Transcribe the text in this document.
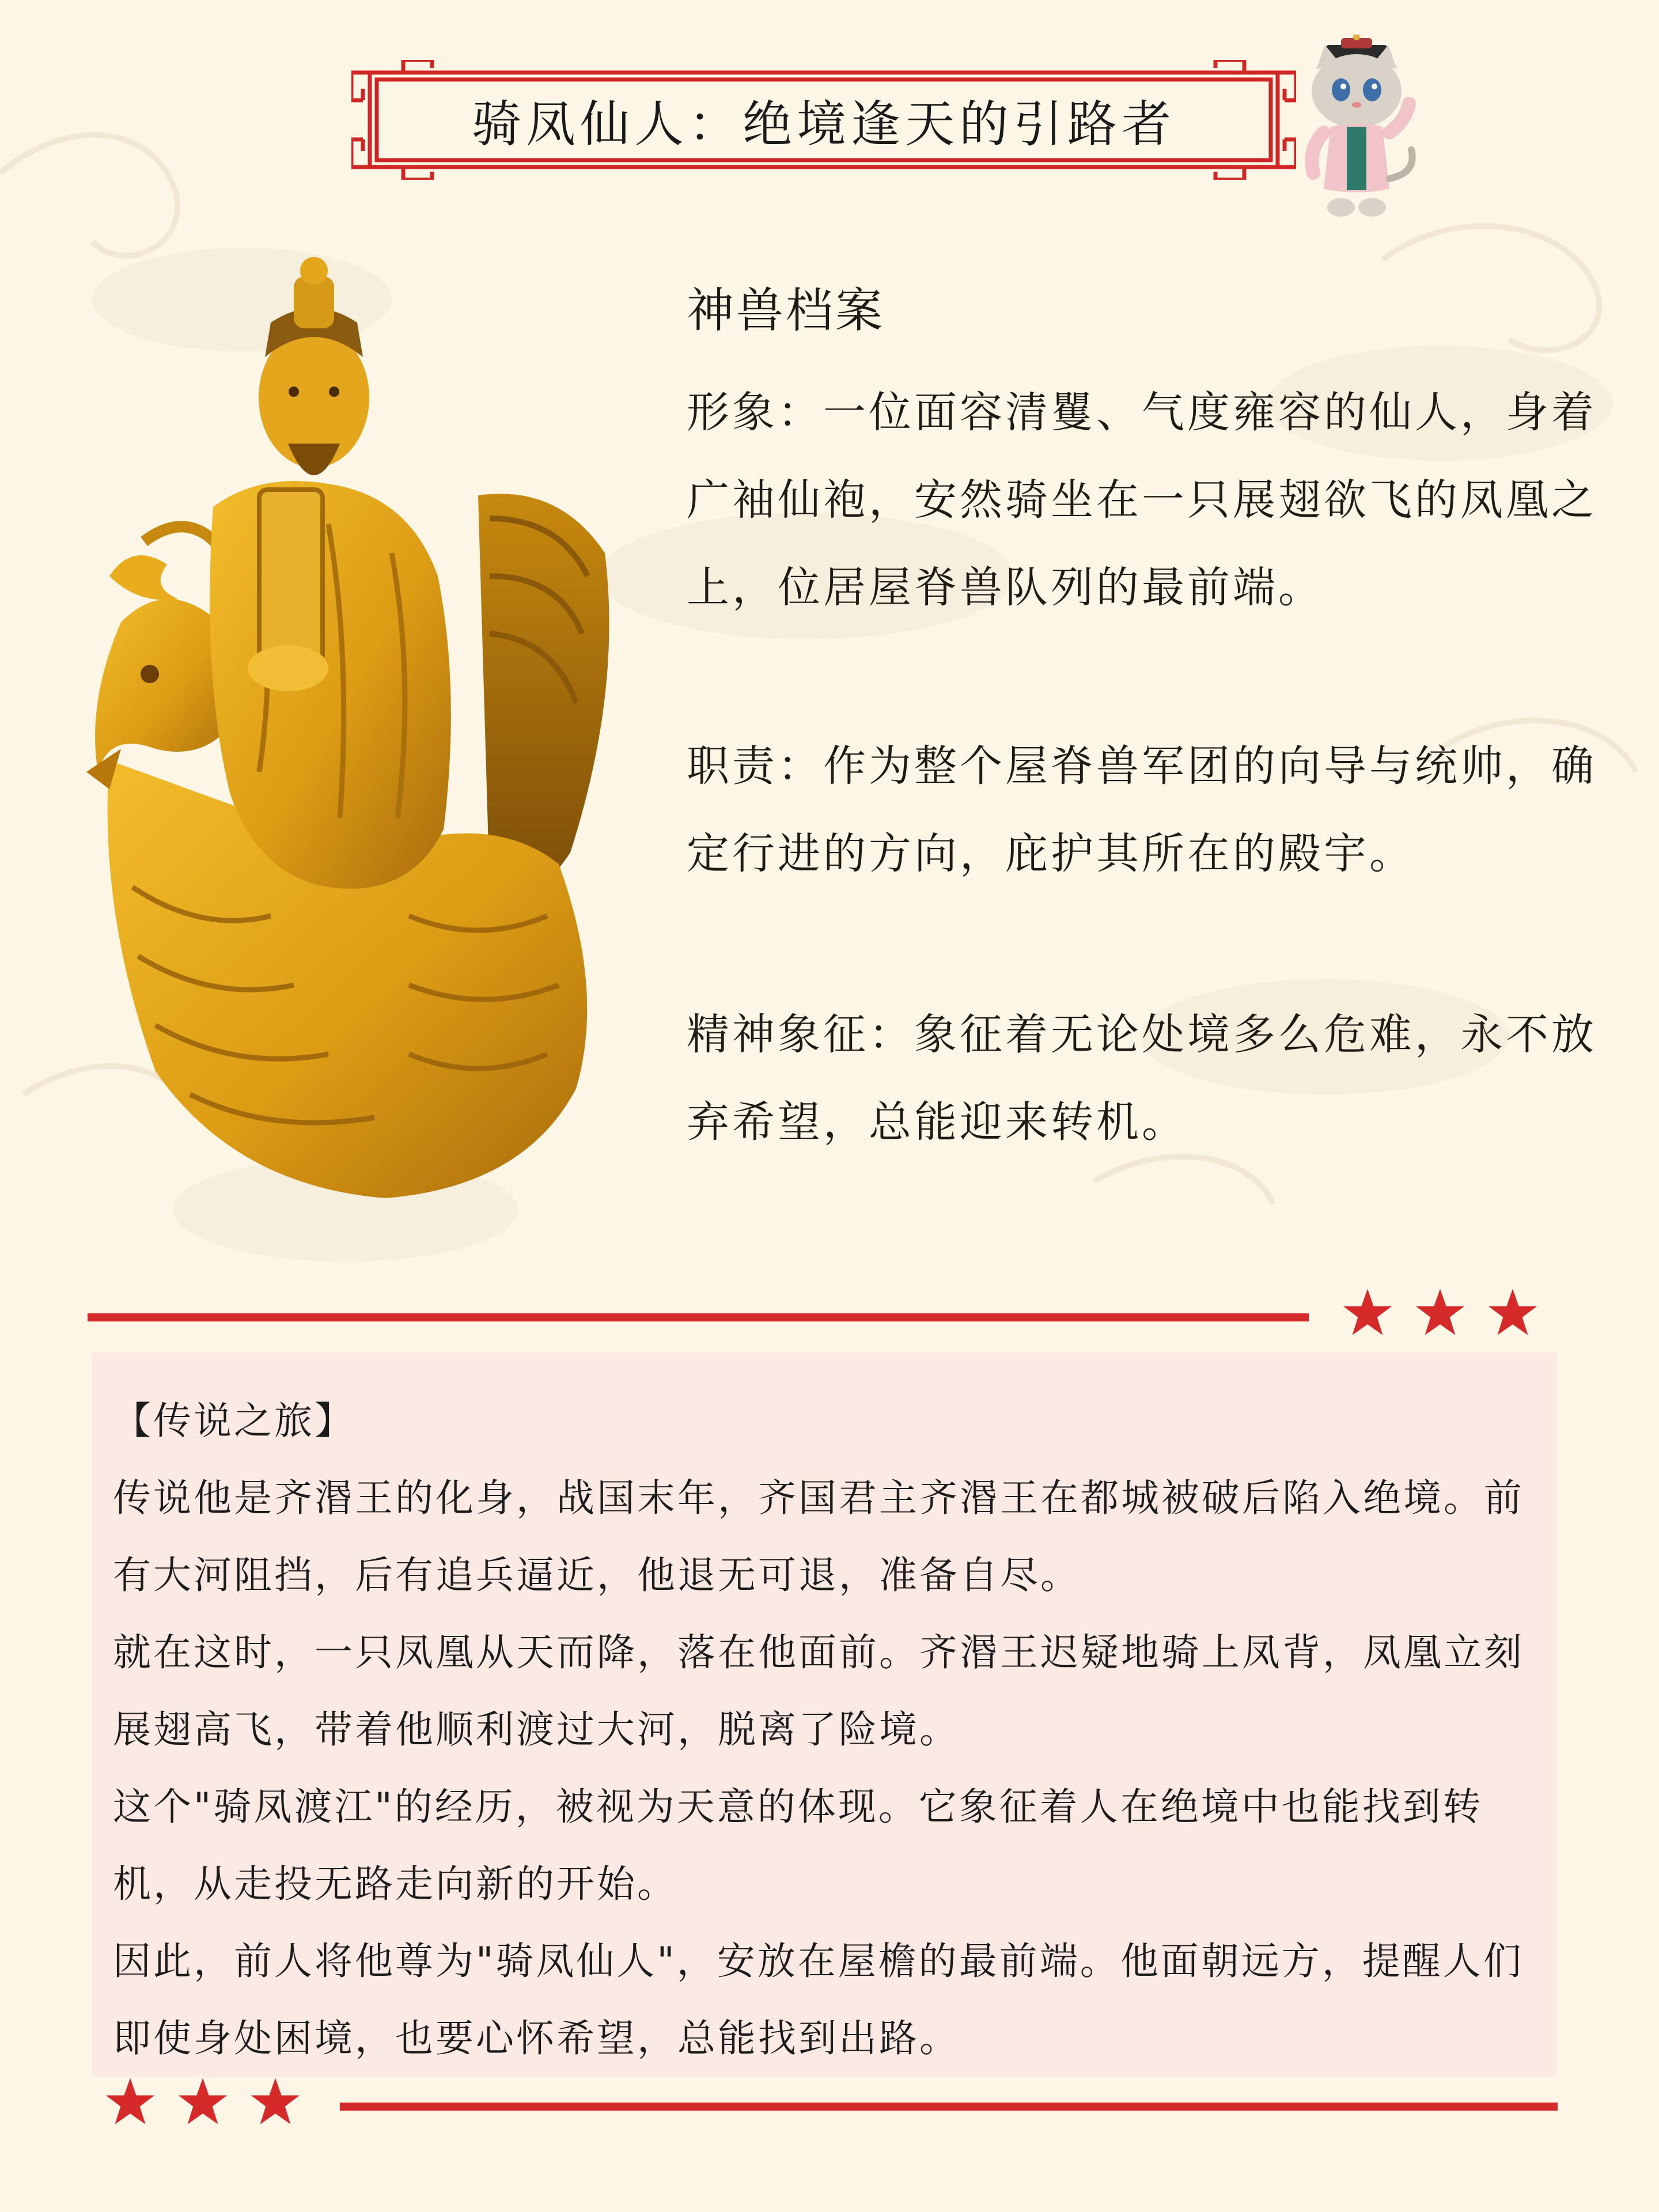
骑凤仙人：绝境逢天的引路者
神兽档案
形象：一位面容清矍、气度雍容的仙人，身着广袖仙袍，安然骑坐在一只展翅欲飞的凤凰之上，位居屋脊兽队列的最前端。
职责：作为整个屋脊兽军团的向导与统帅，确定行进的方向，庇护其所在的殿宇。
精神象征：象征着无论处境多么危难，永不放弃希望，总能迎来转机。

【传说之旅】

传说他是齐湣王的化身，战国末年，齐国君主齐湣王在都城被破后陷入绝境。前有大河阻挡，后有追兵逼近，他退无可退，准备自尽。

就在这时，一只凤凰从天而降，落在他面前。齐湣王迟疑地骑上凤背，凤凰立刻展翅高飞，带着他顺利渡过大河，脱离了险境。

这个"骑凤渡江"的经历，被视为天意的体现。它象征着人在绝境中也能找到转机，从走投无路走向新的开始。

因此，前人将他尊为"骑凤仙人"，安放在屋檐的最前端。他面朝远方，提醒人们即使身处困境，也要心怀希望，总能找到出路。
